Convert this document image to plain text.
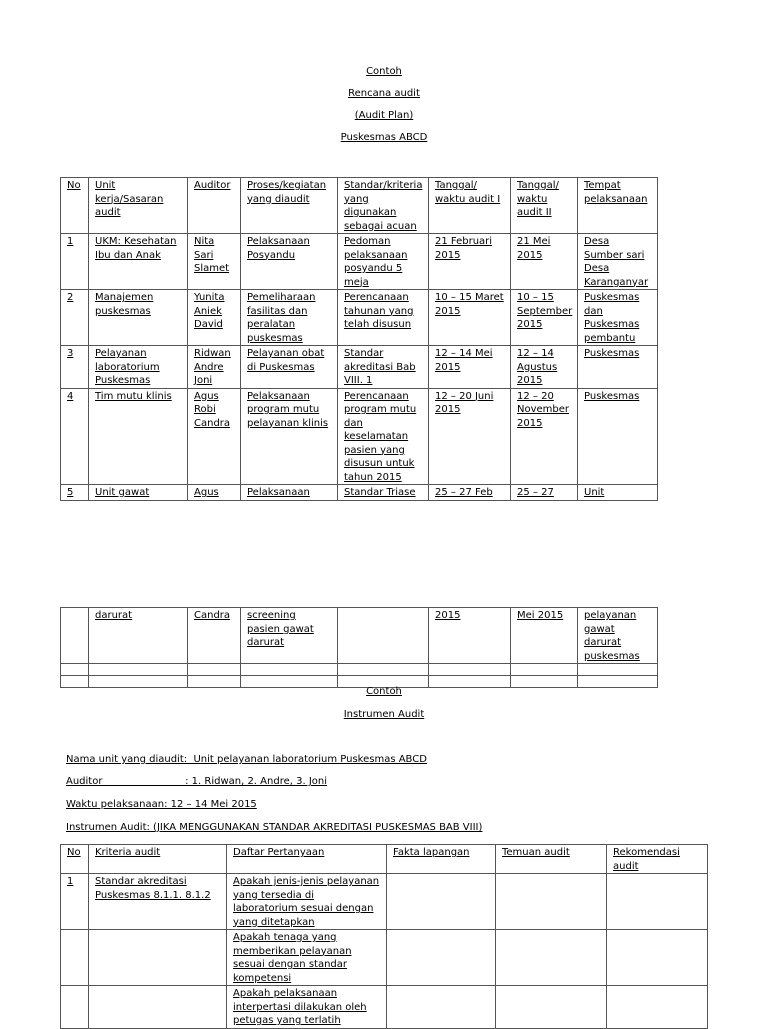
Contoh
Rencana audit
(Audit Plan)
Puskesmas ABCD
No	Unit kerja/Sasaran audit	Auditor	Proses/kegiatan yang diaudit	Standar/kriteria yang digunakan sebagai acuan	Tanggal/ waktu audit I	Tanggal/ waktu audit II	Tempat pelaksanaan
1	UKM: Kesehatan Ibu dan Anak	Nita Sari Slamet	Pelaksanaan Posyandu	Pedoman pelaksanaan posyandu 5 meja	21 Februari 2015	21 Mei 2015	Desa Sumber sari Desa Karanganyar
2	Manajemen puskesmas	Yunita Aniek David	Pemeliharaan fasilitas dan peralatan puskesmas	Perencanaan tahunan yang telah disusun	10 – 15 Maret 2015	10 – 15 September 2015	Puskesmas dan Puskesmas pembantu
3	Pelayanan laboratorium Puskesmas	Ridwan Andre Joni	Pelayanan obat di Puskesmas	Standar akreditasi Bab VIII. 1	12 – 14 Mei 2015	12 – 14 Agustus 2015	Puskesmas
4	Tim mutu klinis	Agus Robi Candra	Pelaksanaan program mutu pelayanan klinis	Perencanaan program mutu dan keselamatan pasien yang disusun untuk tahun 2015	12 – 20 Juni 2015	12 – 20 November 2015	Puskesmas
5	Unit gawat	Agus	Pelaksanaan	Standar Triase	25 – 27 Feb	25 – 27	Unit
	darurat	Candra	screening pasien gawat darurat		2015	Mei 2015	pelayanan gawat darurat puskesmas

Contoh
Instrumen Audit
Nama unit yang diaudit:  Unit pelayanan laboratorium Puskesmas ABCD
Auditor                          : 1. Ridwan, 2. Andre, 3. Joni
Waktu pelaksanaan: 12 – 14 Mei 2015
Instrumen Audit: (JIKA MENGGUNAKAN STANDAR AKREDITASI PUSKESMAS BAB VIII)
No	Kriteria audit	Daftar Pertanyaan	Fakta lapangan	Temuan audit	Rekomendasi audit
1	Standar akreditasi Puskesmas 8.1.1. 8.1.2	Apakah jenis-jenis pelayanan yang tersedia di laboratorium sesuai dengan yang ditetapkan			
		Apakah tenaga yang memberikan pelayanan sesuai dengan standar kompetensi			
		Apakah pelaksanaan interpertasi dilakukan oleh petugas yang terlatih			
